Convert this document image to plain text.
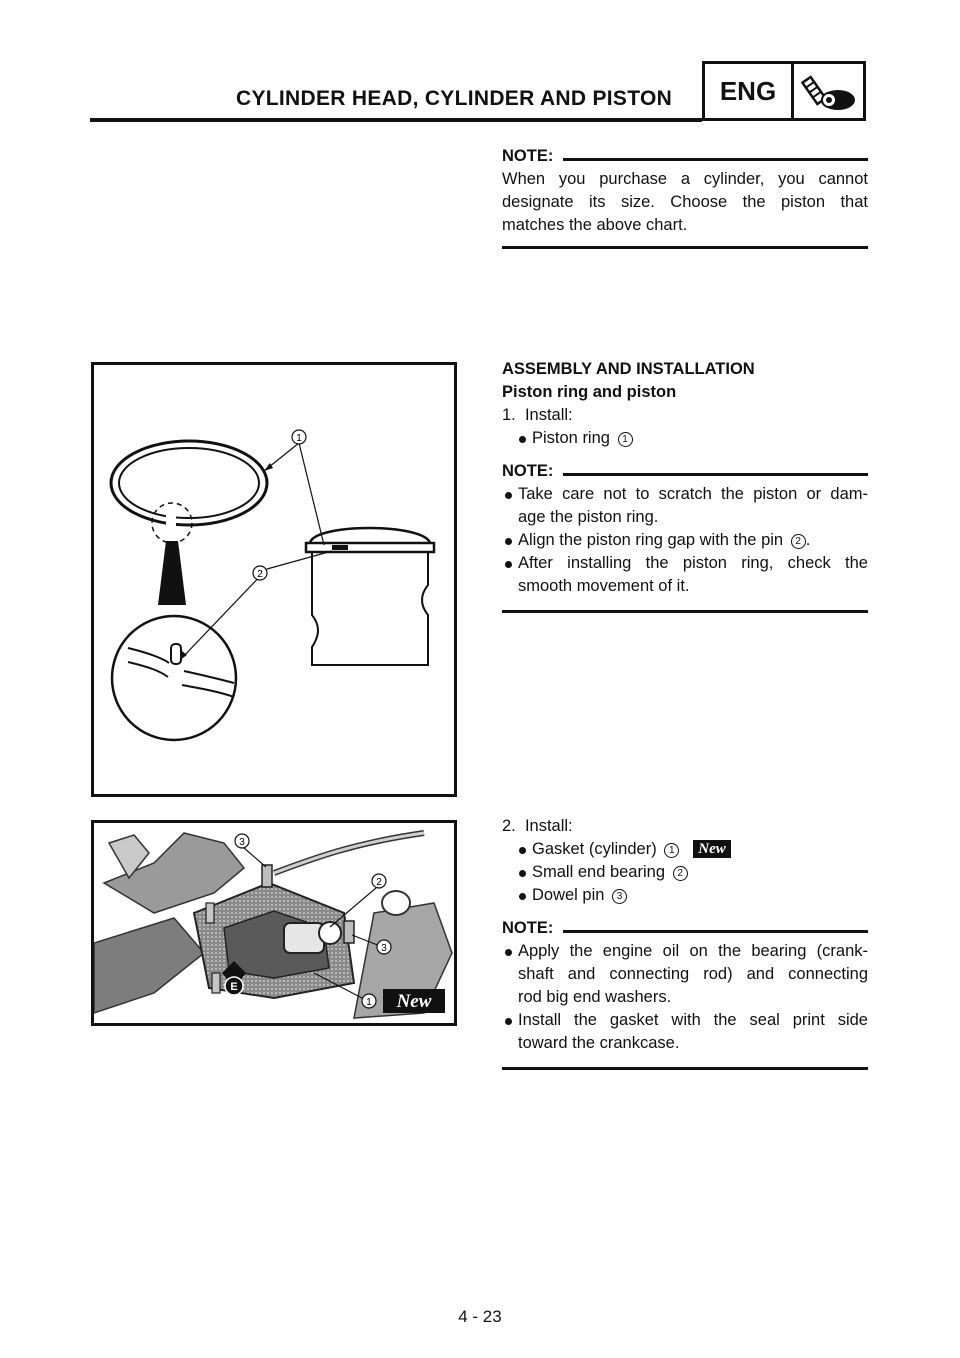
CYLINDER HEAD, CYLINDER AND PISTON	ENG
NOTE:
When you purchase a cylinder, you cannot
designate its size. Choose the piston that
matches the above chart.
ASSEMBLY AND INSTALLATION
Piston ring and piston
1. Install:
Piston ring 1
NOTE:
Take care not to scratch the piston or dam-
age the piston ring.
Align the piston ring gap with the pin 2 .
After installing the piston ring, check the
smooth movement of it.
2. Install:
Gasket (cylinder) 1 New
Small end bearing 2
Dowel pin 3
NOTE:
Apply the engine oil on the bearing (crank-
shaft and connecting rod) and connecting
rod big end washers.
Install the gasket with the seal print side
toward the crankcase.
1
2
E
3
2
3
1 New
4 - 23
